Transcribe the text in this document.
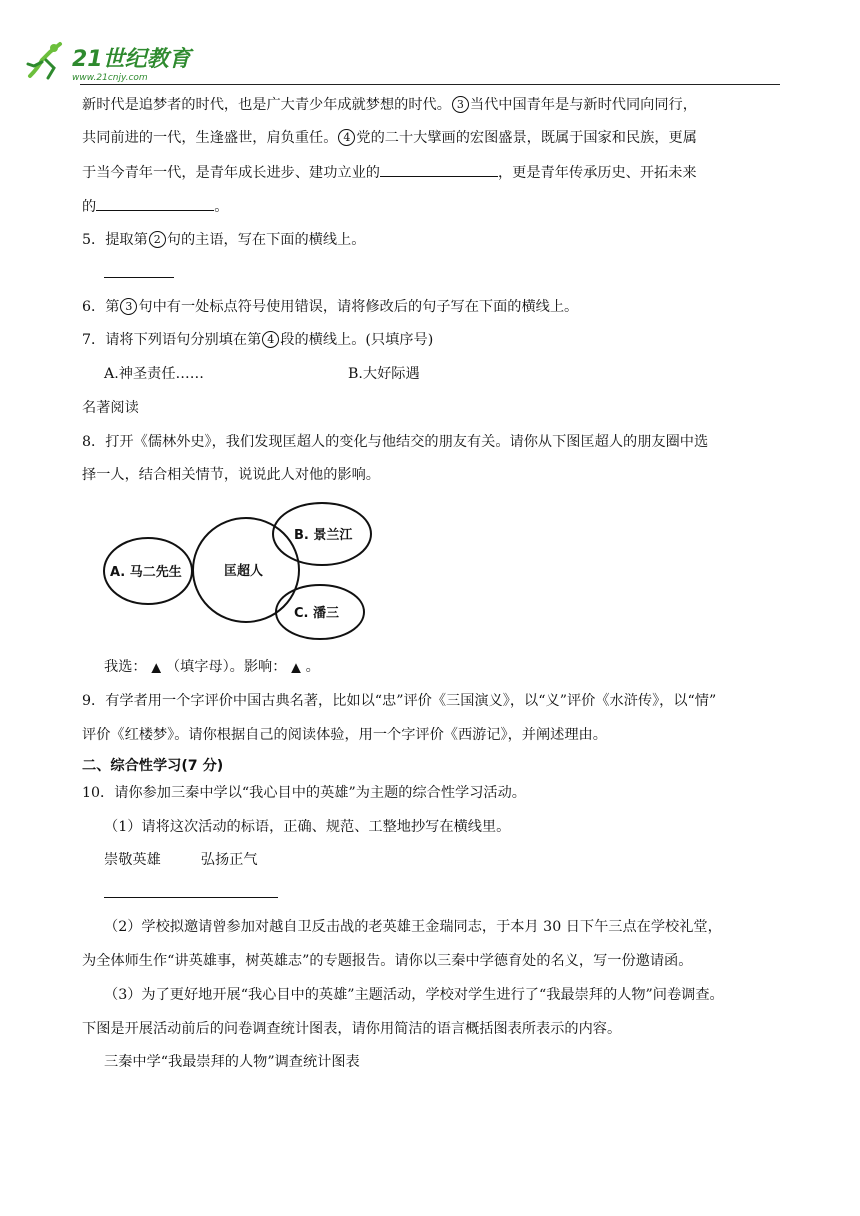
21世纪教育
www.21cnjy.com
新时代是追梦者的时代，也是广大青少年成就梦想的时代。 3 当代中国青年是与新时代同向同行，
共同前进的一代，生逢盛世，肩负重任。 4 党的二十大擘画的宏图盛景，既属于国家和民族，更属
于当今青年一代，是青年成长进步、建功立业的	，更是青年传承历史、开拓未来
的	。
5．提取第 2 句的主语，写在下面的横线上。
6．第 3 句中有一处标点符号使用错误，请将修改后的句子写在下面的横线上。
7．请将下列语句分别填在第 4 段的横线上。(只填序号)
A.神圣责任……	B.大好际遇
名著阅读
8．打开《儒林外史》，我们发现匡超人的变化与他结交的朋友有关。请你从下图匡超人的朋友圈中选
择一人，结合相关情节，说说此人对他的影响。
A. 马二先生	匡超人
B. 景兰江
C. 潘三
我选： ▲ （填字母）。影响： ▲ 。
9．有学者用一个字评价中国古典名著，比如以“忠”评价《三国演义》，以“义”评价《水浒传》，以“情”
评价《红楼梦》。请你根据自己的阅读体验，用一个字评价《西游记》，并阐述理由。
二、综合性学习(7 分)
10．请你参加三秦中学以“我心目中的英雄”为主题的综合性学习活动。
（1）请将这次活动的标语，正确、规范、工整地抄写在横线里。
崇敬英雄	弘扬正气
（2）学校拟邀请曾参加对越自卫反击战的老英雄王金瑞同志，于本月 30 日下午三点在学校礼堂，
为全体师生作“讲英雄事，树英雄志”的专题报告。请你以三秦中学德育处的名义，写一份邀请函。
（3）为了更好地开展“我心目中的英雄”主题活动，学校对学生进行了“我最崇拜的人物”问卷调查。
下图是开展活动前后的问卷调查统计图表，请你用简洁的语言概括图表所表示的内容。
三秦中学“我最崇拜的人物”调查统计图表
